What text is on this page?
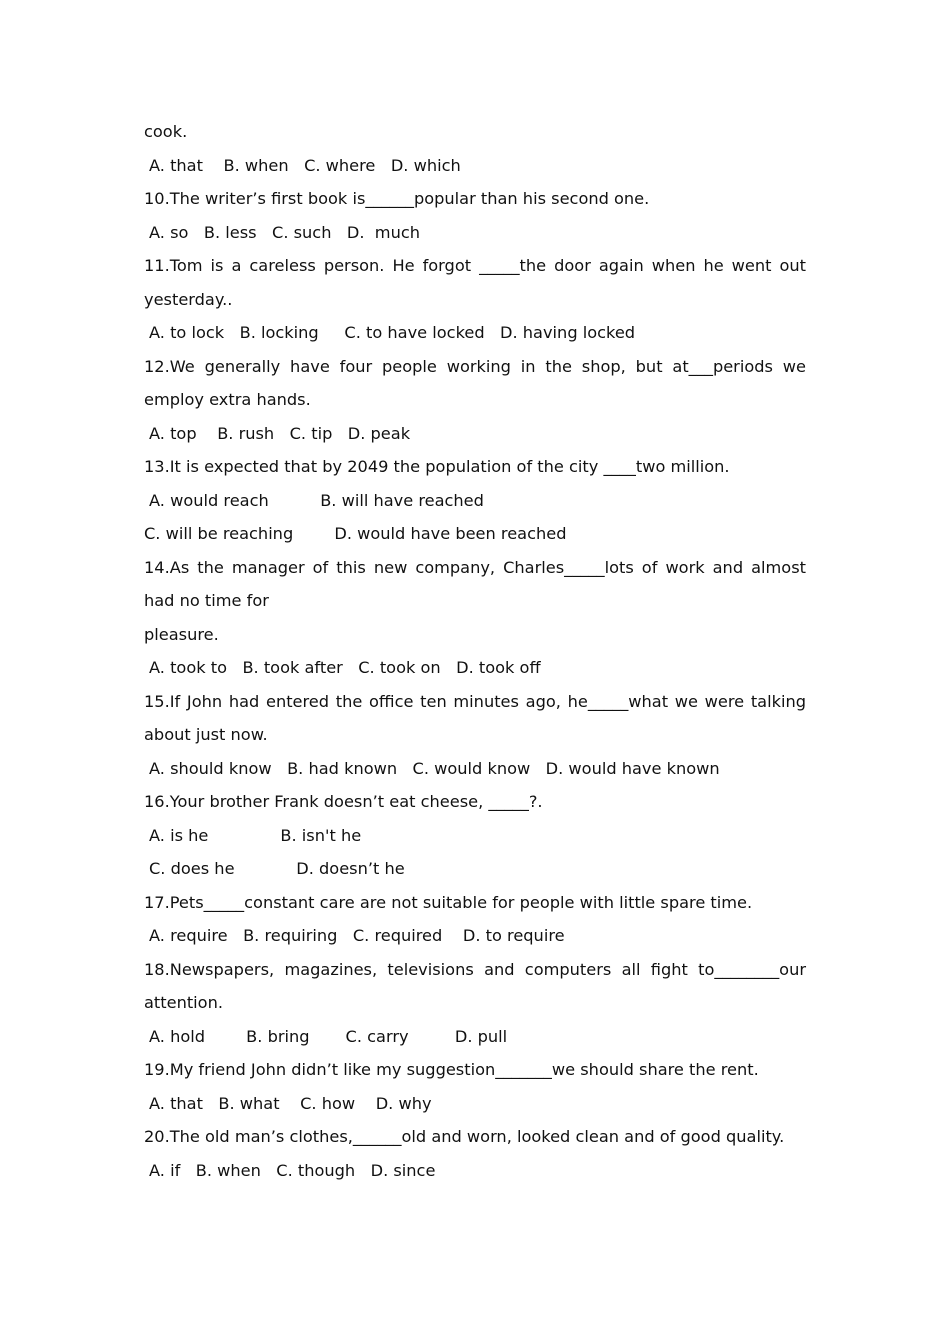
cook.

A. that    B. when   C. where   D. which

10.The writer’s first book is______popular than his second one.

A. so   B. less   C. such   D.  much

11.Tom is a careless person. He forgot _____the door again when he went out

yesterday..

A. to lock   B. locking     C. to have locked   D. having locked

12.We generally have four people working in the shop, but at___periods we

employ extra hands.

A. top    B. rush   C. tip   D. peak

13.It is expected that by 2049 the population of the city ____two million.

A. would reach          B. will have reached

C. will be reaching        D. would have been reached

14.As the manager of this new company, Charles_____lots of work and almost

had no time for

pleasure.

A. took to   B. took after   C. took on   D. took off

15.If John had entered the office ten minutes ago, he_____what we were talking

about just now.

A. should know   B. had known   C. would know   D. would have known

16.Your brother Frank doesn’t eat cheese, _____?.

A. is he              B. isn't he

C. does he            D. doesn’t he

17.Pets_____constant care are not suitable for people with little spare time.

A. require   B. requiring   C. required    D. to require

18.Newspapers, magazines, televisions and computers all fight to________our

attention.

A. hold        B. bring       C. carry         D. pull

19.My friend John didn’t like my suggestion_______we should share the rent.

A. that   B. what    C. how    D. why

20.The old man’s clothes,______old and worn, looked clean and of good quality.

A. if   B. when   C. though   D. since
